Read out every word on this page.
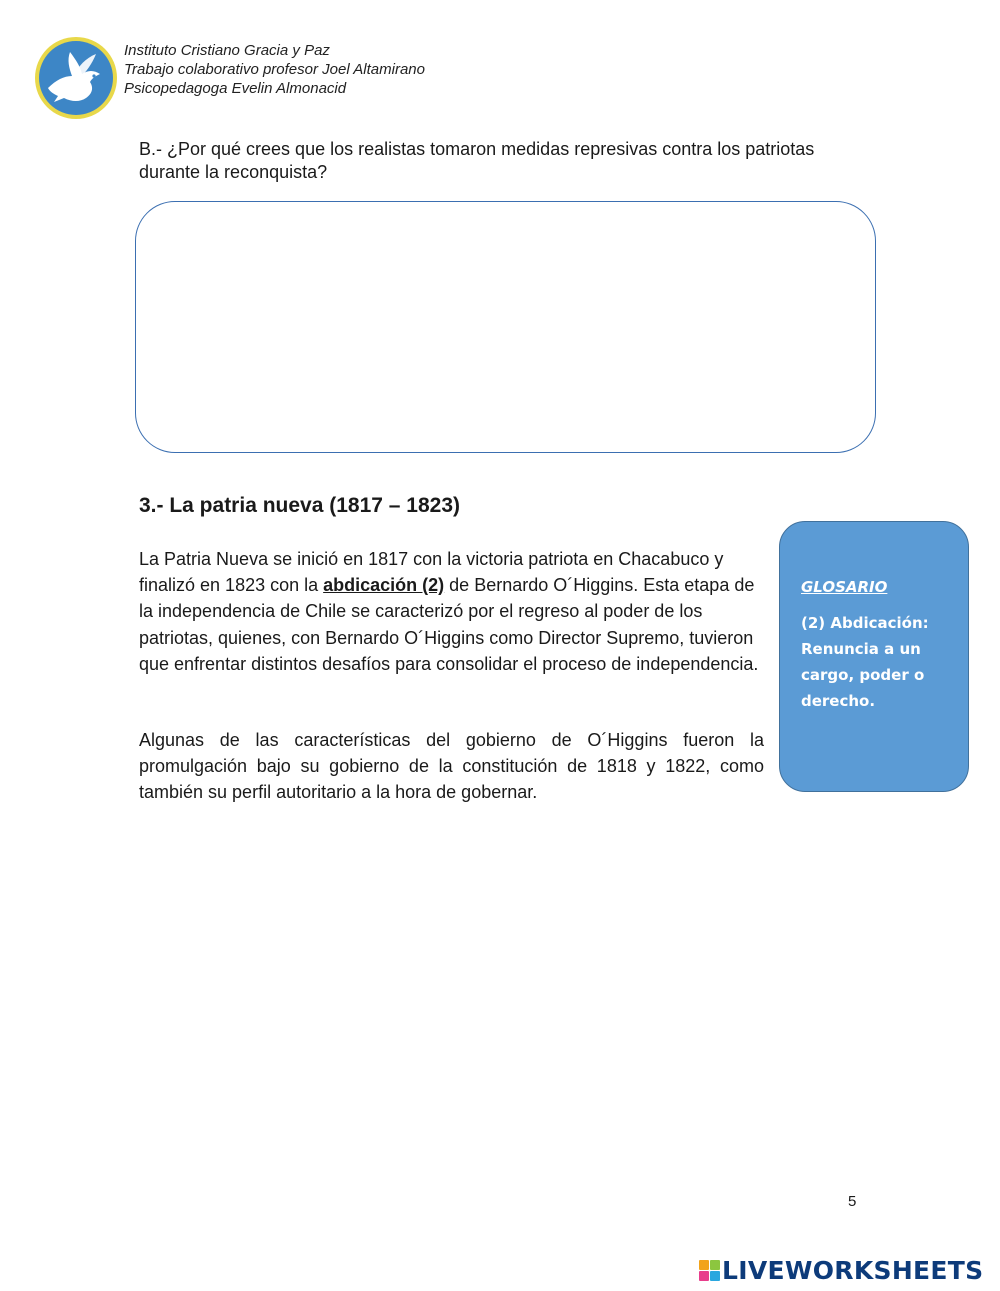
Instituto Cristiano Gracia y Paz
Trabajo colaborativo profesor Joel Altamirano
Psicopedagoga Evelin Almonacid

B.- ¿Por qué crees que los realistas tomaron medidas represivas contra los patriotas durante la reconquista?

3.- La patria nueva (1817 – 1823)

La Patria Nueva se inició en 1817 con la victoria patriota en Chacabuco y finalizó en 1823 con la abdicación (2) de Bernardo O´Higgins. Esta etapa de la independencia de Chile se caracterizó por el regreso al poder de los patriotas, quienes, con Bernardo O´Higgins como Director Supremo, tuvieron que enfrentar distintos desafíos para consolidar el proceso de independencia.

Algunas de las características del gobierno de O´Higgins fueron la promulgación bajo su gobierno de la constitución de 1818 y 1822, como también su perfil autoritario a la hora de gobernar.

GLOSARIO

(2) Abdicación: Renuncia a un cargo, poder o derecho.

5
LIVEWORKSHEETS
